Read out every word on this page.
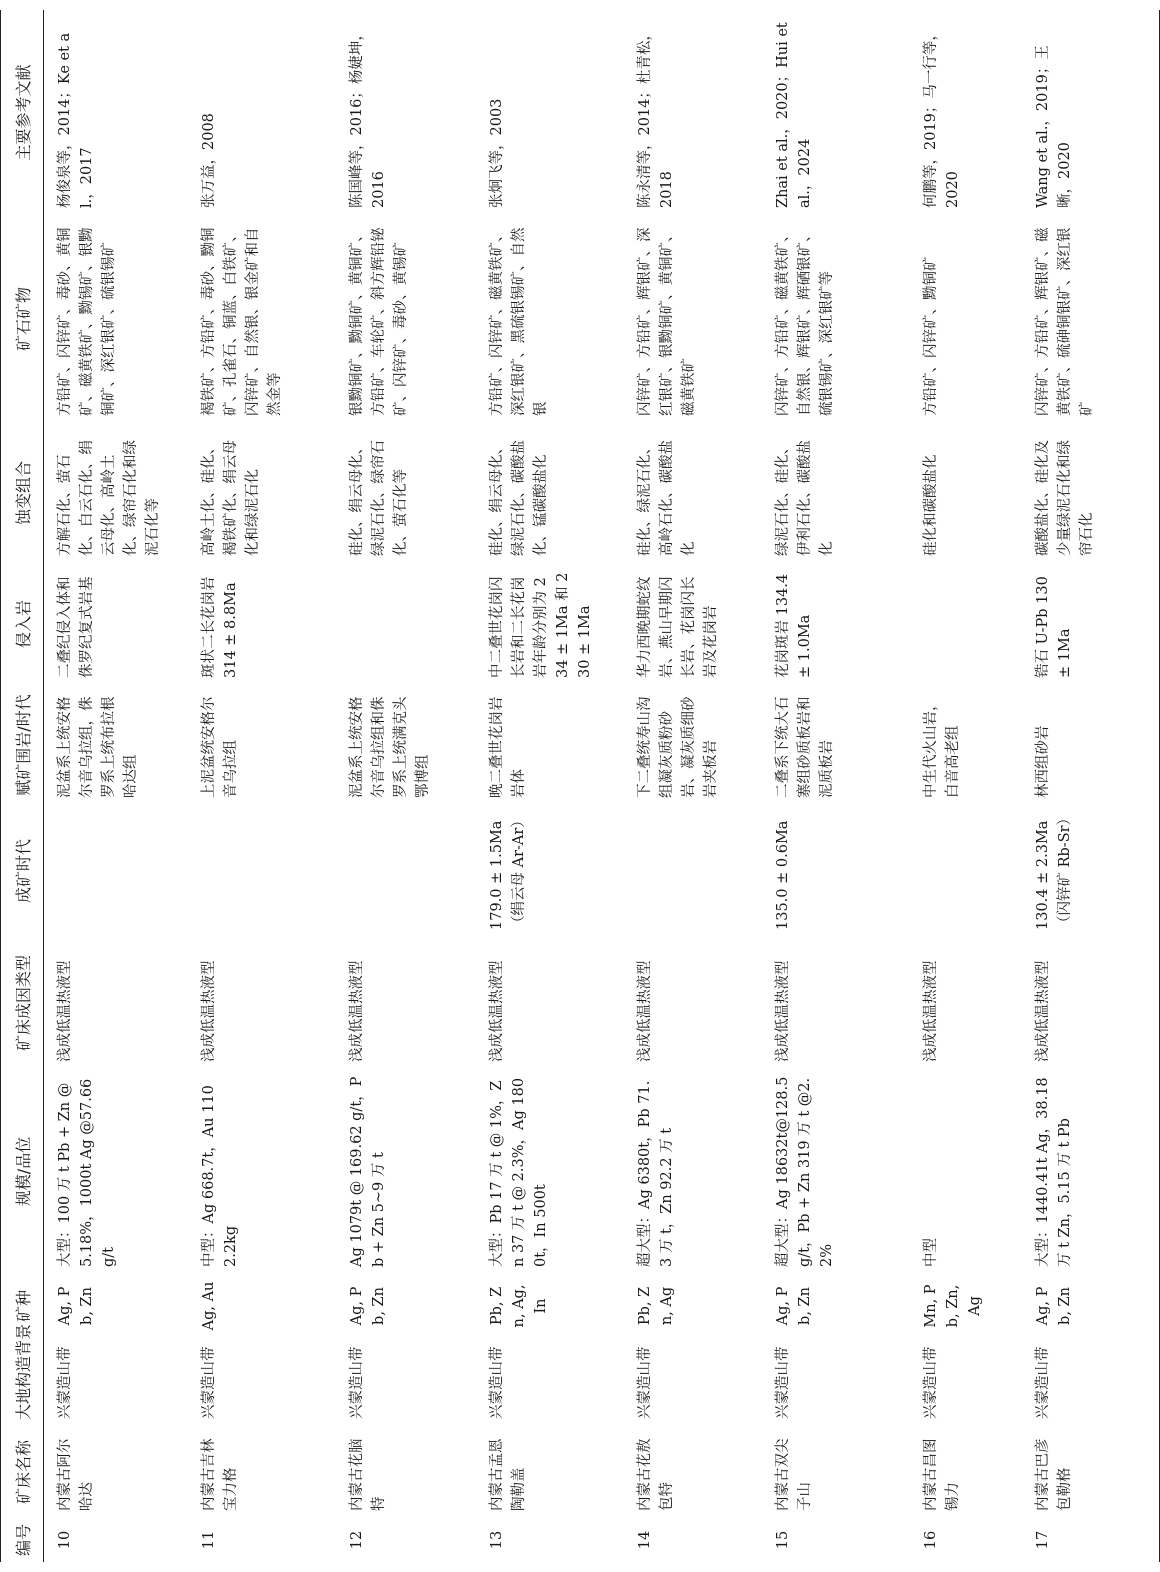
编号	矿床名称	大地构造背景	矿种	规模/品位	矿床成因类型	成矿时代	赋矿围岩/时代	侵入岩	蚀变组合	矿石矿物	主要参考文献
10	内蒙古阿尔哈达	兴蒙造山带	Ag, Pb, Zn	大型：100 万 t Pb + Zn @ 5.18%，1000t Ag @57.66g/t	浅成低温热液型		泥盆系上统安格尔音乌拉组，侏罗系上统布拉根哈达组	二叠纪侵入体和侏罗纪复式岩基	方解石化、萤石化、白云石化、绢云母化、高岭土化、绿帘石化和绿泥石化等	方铅矿、闪锌矿、毒砂、黄铜矿、磁黄铁矿、黝锡矿、银黝铜矿、深红银矿、硫银锡矿	杨俊泉等，2014；Ke et al.，2017
11	内蒙古吉林宝力格	兴蒙造山带	Ag, Au	中型：Ag 668.7t，Au 1102.2kg	浅成低温热液型		上泥盆统安格尔音乌拉组	斑状二长花岗岩 314 ± 8.8Ma	高岭土化、硅化、褐铁矿化、绢云母化和绿泥石化	褐铁矿、方铅矿、毒砂、黝铜矿、孔雀石、铜蓝、白铁矿、闪锌矿、自然银、银金矿和自然金等	张万益，2008
12	内蒙古花脑特	兴蒙造山带	Ag, Pb, Zn	Ag 1079t @ 169.62 g/t，Pb + Zn 5~9 万 t	浅成低温热液型		泥盆系上统安格尔音乌拉组和侏罗系上统满克头鄂博组		硅化、绢云母化、绿泥石化、绿帘石化、萤石化等	银黝铜矿、黝铜矿、黄铜矿、方铅矿、车轮矿、斜方辉铅铋矿、闪锌矿、毒砂、黄锡矿	陈国峰等，2016；杨婕坤，2016
13	内蒙古孟恩陶勒盖	兴蒙造山带	Pb, Zn, Ag, In	大型：Pb 17 万 t @ 1%，Zn 37 万 t @ 2.3%，Ag 1800t，In 500t	浅成低温热液型	179.0 ± 1.5Ma（绢云母 Ar-Ar）	晚二叠世花岗岩岩体	中二叠世花岗闪长岩和二长花岗岩年龄分别为 234 ± 1Ma 和 230 ± 1Ma	硅化、绢云母化、绿泥石化、碳酸盐化、锰碳酸盐化	方铅矿、闪锌矿、磁黄铁矿、深红银矿、黑硫银锡矿、自然银	张炯飞等，2003
14	内蒙古花敖包特	兴蒙造山带	Pb, Zn, Ag	超大型：Ag 6380t，Pb 71.3 万 t，Zn 92.2 万 t	浅成低温热液型		下二叠统寿山沟组凝灰质粉砂岩、凝灰质细砂岩夹板岩	华力西晚期蛇纹岩、燕山早期闪长岩、花岗闪长岩及花岗岩	硅化、绿泥石化、高岭石化、碳酸盐化	闪锌矿、方铅矿、辉银矿、深红银矿、银黝铜矿、黄铜矿、磁黄铁矿	陈永清等，2014；杜青松，2018
15	内蒙古双尖子山	兴蒙造山带	Ag, Pb, Zn	超大型：Ag 18632t@128.5g/t，Pb + Zn 319 万 t @2.2%	浅成低温热液型	135.0 ± 0.6Ma	二叠系下统大石寨组砂质板岩和泥质板岩	花岗斑岩 134.4 ± 1.0Ma	绿泥石化、硅化、伊利石化、碳酸盐化	闪锌矿、方铅矿、磁黄铁矿、自然银、辉银矿、辉硒银矿、硫银锡矿、深红银矿等	Zhai et al.，2020；Hui et al.，2024
16	内蒙古昌图锡力	兴蒙造山带	Mn, Pb, Zn, Ag	中型	浅成低温热液型		中生代火山岩，白音高老组		硅化和碳酸盐化	方铅矿、闪锌矿、黝铜矿	何鹏等，2019；马一行等，2020
17	内蒙古巴彦包勒格	兴蒙造山带	Ag, Pb, Zn	大型：1440.41t Ag，38.18 万 t Zn，5.15 万 t Pb	浅成低温热液型	130.4 ± 2.3Ma（闪锌矿 Rb-Sr）	林西组砂岩	锆石 U-Pb 130 ± 1Ma	碳酸盐化、硅化及少量绿泥石化和绿帘石化	闪锌矿、方铅矿、辉银矿、磁黄铁矿、硫砷铜银矿、深红银矿	Wang et al.，2019；王晰，2020
